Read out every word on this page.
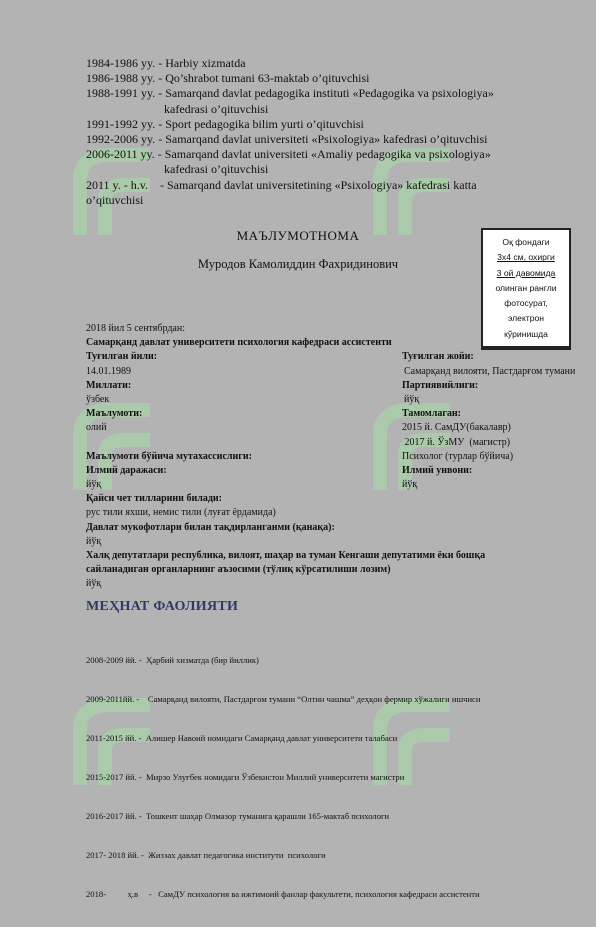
1984-1986 yy. - Harbiy xizmatda
1986-1988 yy. - Qo’shrabot tumani 63-maktab o’qituvchisi
1988-1991 yy. - Samarqand davlat pedagogika instituti «Pedagogika va psixologiya»
kafedrasi o’qituvchisi
1991-1992 yy. - Sport pedagogika bilim yurti o’qituvchisi
1992-2006 yy. - Samarqand davlat universiteti «Psixologiya» kafedrasi o’qituvchisi
2006-2011 yy. - Samarqand davlat universiteti «Amaliy pedagogika va psixologiya»
kafedrasi o’qituvchisi
2011 y. - h.v.    - Samarqand davlat universitetining «Psixologiya» kafedrasi katta
o’qituvchisi
МАЪЛУМОТНОМА
Муродов Камолиддин Фахридинович
Оқ фондаги
3х4 см, охирги
3 ой давомида
олинган рангли
фотосурат,
электрон
кўринишда
2018 йил 5 сентябрдан:
Самарқанд давлат университети психология кафедраси ассистенти
Туғилган йили:	Туғилган жойи:
14.01.1989	Самарқанд вилояти, Пастдарғом тумани
Миллати:	Партиявийлиги:
ўзбек	йўқ
Маълумоти:	Тамомлаган:
олий	2015 й. СамДУ(бакалавр)
2017 й. ЎзМУ  (магистр)
Маълумоти бўйича мутахассислиги:	Психолог (турлар бўйича)
Илмий даражаси:	Илмий унвони:
йўқ	йўқ
Қайси чет тилларини билади:
рус тили яхши, немис тили (луғат ёрдамида)
Давлат мукофотлари билан тақдирланганми (қанақа):
йўқ
Халқ депутатлари республика, вилоят, шаҳар ва туман Кенгаши депутатими ёки бошқа
сайланадиган органларнинг аъзосими (тўлиқ кўрсатилиши лозим)
йўқ
МЕҲНАТ ФАОЛИЯТИ

2008-2009 йй. -  Ҳарбий хизматда (бир йиллик)

2009-2011йй. -    Самарқанд вилояти, Пастдарғом тумани “Олтин чашма” деҳқон фермир хўжалиги ишчиси

2011-2015 йй. -  Алишер Навоий номидаги Самарқанд давлат университети талабаси

2015-2017 йй. -  Мирзо Улуғбек номидаги Ўзбекистон Миллий университети магистри

2016-2017 йй. -  Тошкент шаҳар Олмазор туманига қарашли 165-мактаб психологи

2017- 2018 йй. -  Жиззах давлат педагогика институти  психологи

2018-          ҳ.в     -   СамДУ психология ва ижтимоий фанлар факультети, психология кафедраси ассистенти
